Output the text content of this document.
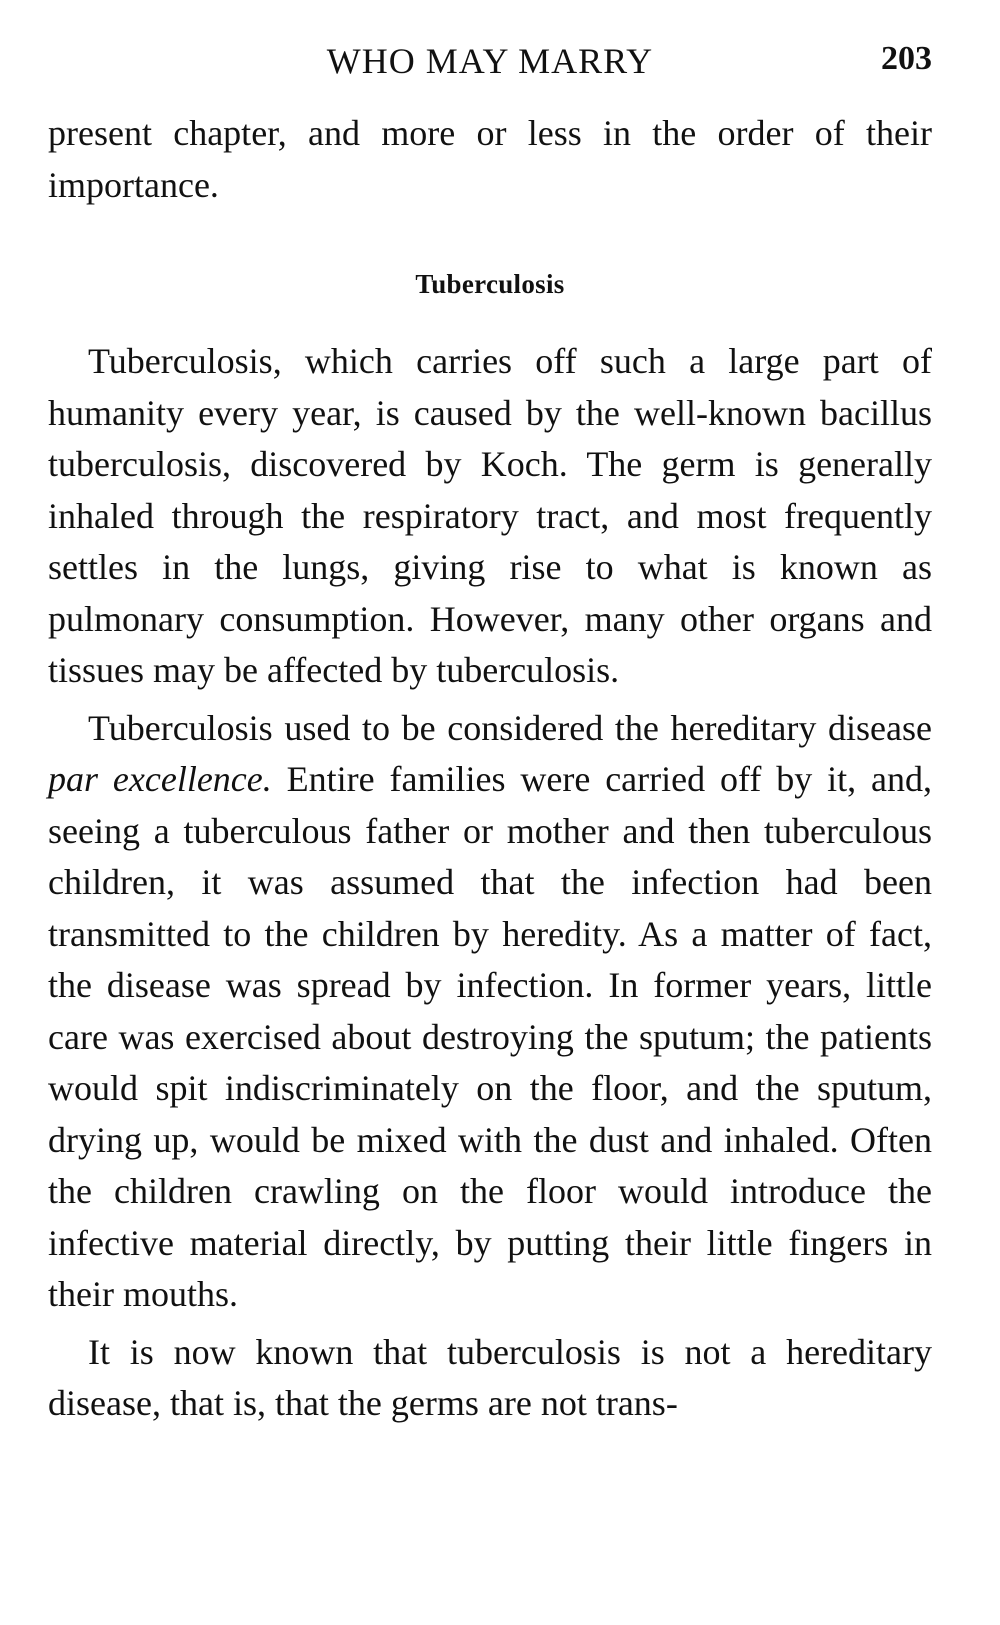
WHO MAY MARRY	203

present chapter, and more or less in the order of their importance.

Tuberculosis

Tuberculosis, which carries off such a large part of humanity every year, is caused by the well-known bacillus tuberculosis, discovered by Koch. The germ is generally inhaled through the respiratory tract, and most frequently settles in the lungs, giving rise to what is known as pulmonary consumption. However, many other organs and tissues may be affected by tuberculosis.

Tuberculosis used to be considered the hereditary disease par excellence. Entire families were carried off by it, and, seeing a tuberculous father or mother and then tuberculous children, it was assumed that the infection had been transmitted to the children by heredity. As a matter of fact, the disease was spread by infection. In former years, little care was exercised about destroying the sputum; the patients would spit indiscriminately on the floor, and the sputum, drying up, would be mixed with the dust and inhaled. Often the children crawling on the floor would introduce the infective material directly, by putting their little fingers in their mouths.

It is now known that tuberculosis is not a hereditary disease, that is, that the germs are not trans-
